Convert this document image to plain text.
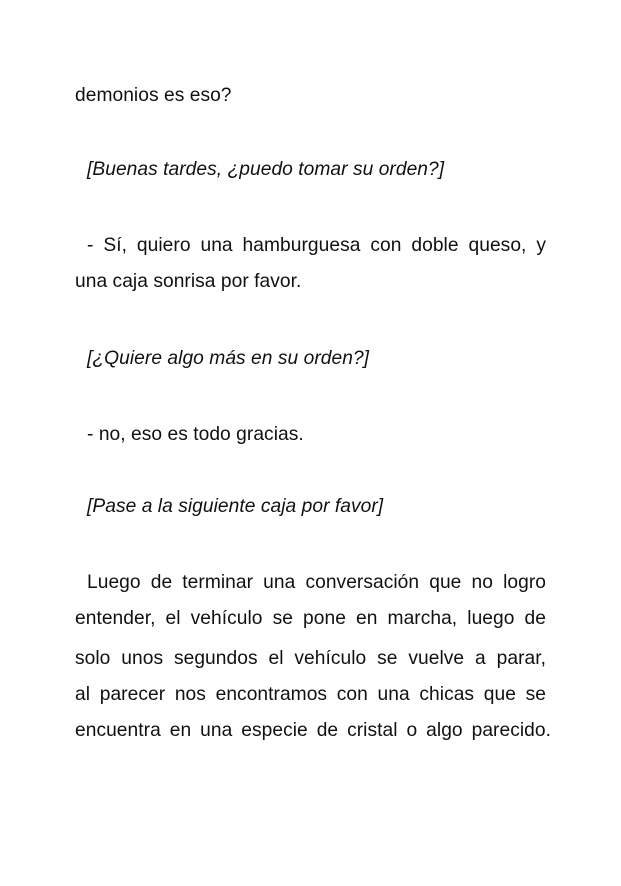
demonios es eso?
[Buenas tardes, ¿puedo tomar su orden?]
- Sí, quiero una hamburguesa con doble queso, y
una caja sonrisa por favor.
[¿Quiere algo más en su orden?]
- no, eso es todo gracias.
[Pase a la siguiente caja por favor]
Luego de terminar una conversación que no logro
entender, el vehículo se pone en marcha, luego de
solo unos segundos el vehículo se vuelve a parar,
al parecer nos encontramos con una chicas que se
encuentra en una especie de cristal o algo parecido.
